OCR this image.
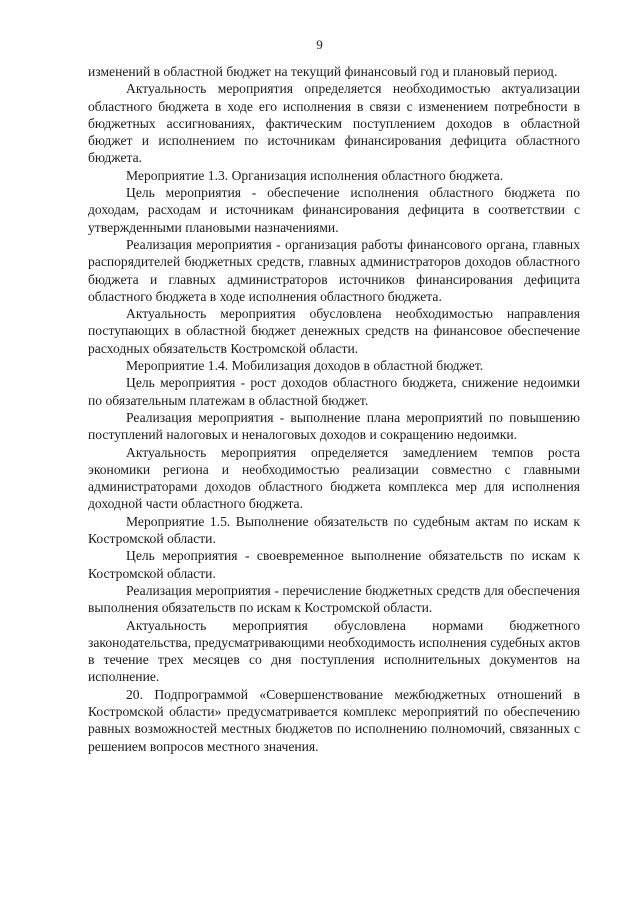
9

изменений в областной бюджет на текущий финансовый год и плановый период.

Актуальность мероприятия определяется необходимостью актуализации областного бюджета в ходе его исполнения в связи с изменением потребности в бюджетных ассигнованиях, фактическим поступлением доходов в областной бюджет и исполнением по источникам финансирования дефицита областного бюджета.

Мероприятие 1.3. Организация исполнения областного бюджета.

Цель мероприятия - обеспечение исполнения областного бюджета по доходам, расходам и источникам финансирования дефицита в соответствии с утвержденными плановыми назначениями.

Реализация мероприятия - организация работы финансового органа, главных распорядителей бюджетных средств, главных администраторов доходов областного бюджета и главных администраторов источников финансирования дефицита областного бюджета в ходе исполнения областного бюджета.

Актуальность мероприятия обусловлена необходимостью направления поступающих в областной бюджет денежных средств на финансовое обеспечение расходных обязательств Костромской области.

Мероприятие 1.4. Мобилизация доходов в областной бюджет.

Цель мероприятия - рост доходов областного бюджета, снижение недоимки по обязательным платежам в областной бюджет.

Реализация мероприятия - выполнение плана мероприятий по повышению поступлений налоговых и неналоговых доходов и сокращению недоимки.

Актуальность мероприятия определяется замедлением темпов роста экономики региона и необходимостью реализации совместно с главными администраторами доходов областного бюджета комплекса мер для исполнения доходной части областного бюджета.

Мероприятие 1.5. Выполнение обязательств по судебным актам по искам к Костромской области.

Цель мероприятия - своевременное выполнение обязательств по искам к Костромской области.

Реализация мероприятия - перечисление бюджетных средств для обеспечения выполнения обязательств по искам к Костромской области.

Актуальность мероприятия обусловлена нормами бюджетного законодательства, предусматривающими необходимость исполнения судебных актов в течение трех месяцев со дня поступления исполнительных документов на исполнение.

20. Подпрограммой «Совершенствование межбюджетных отношений в Костромской области» предусматривается комплекс мероприятий по обеспечению равных возможностей местных бюджетов по исполнению полномочий, связанных с решением вопросов местного значения.
